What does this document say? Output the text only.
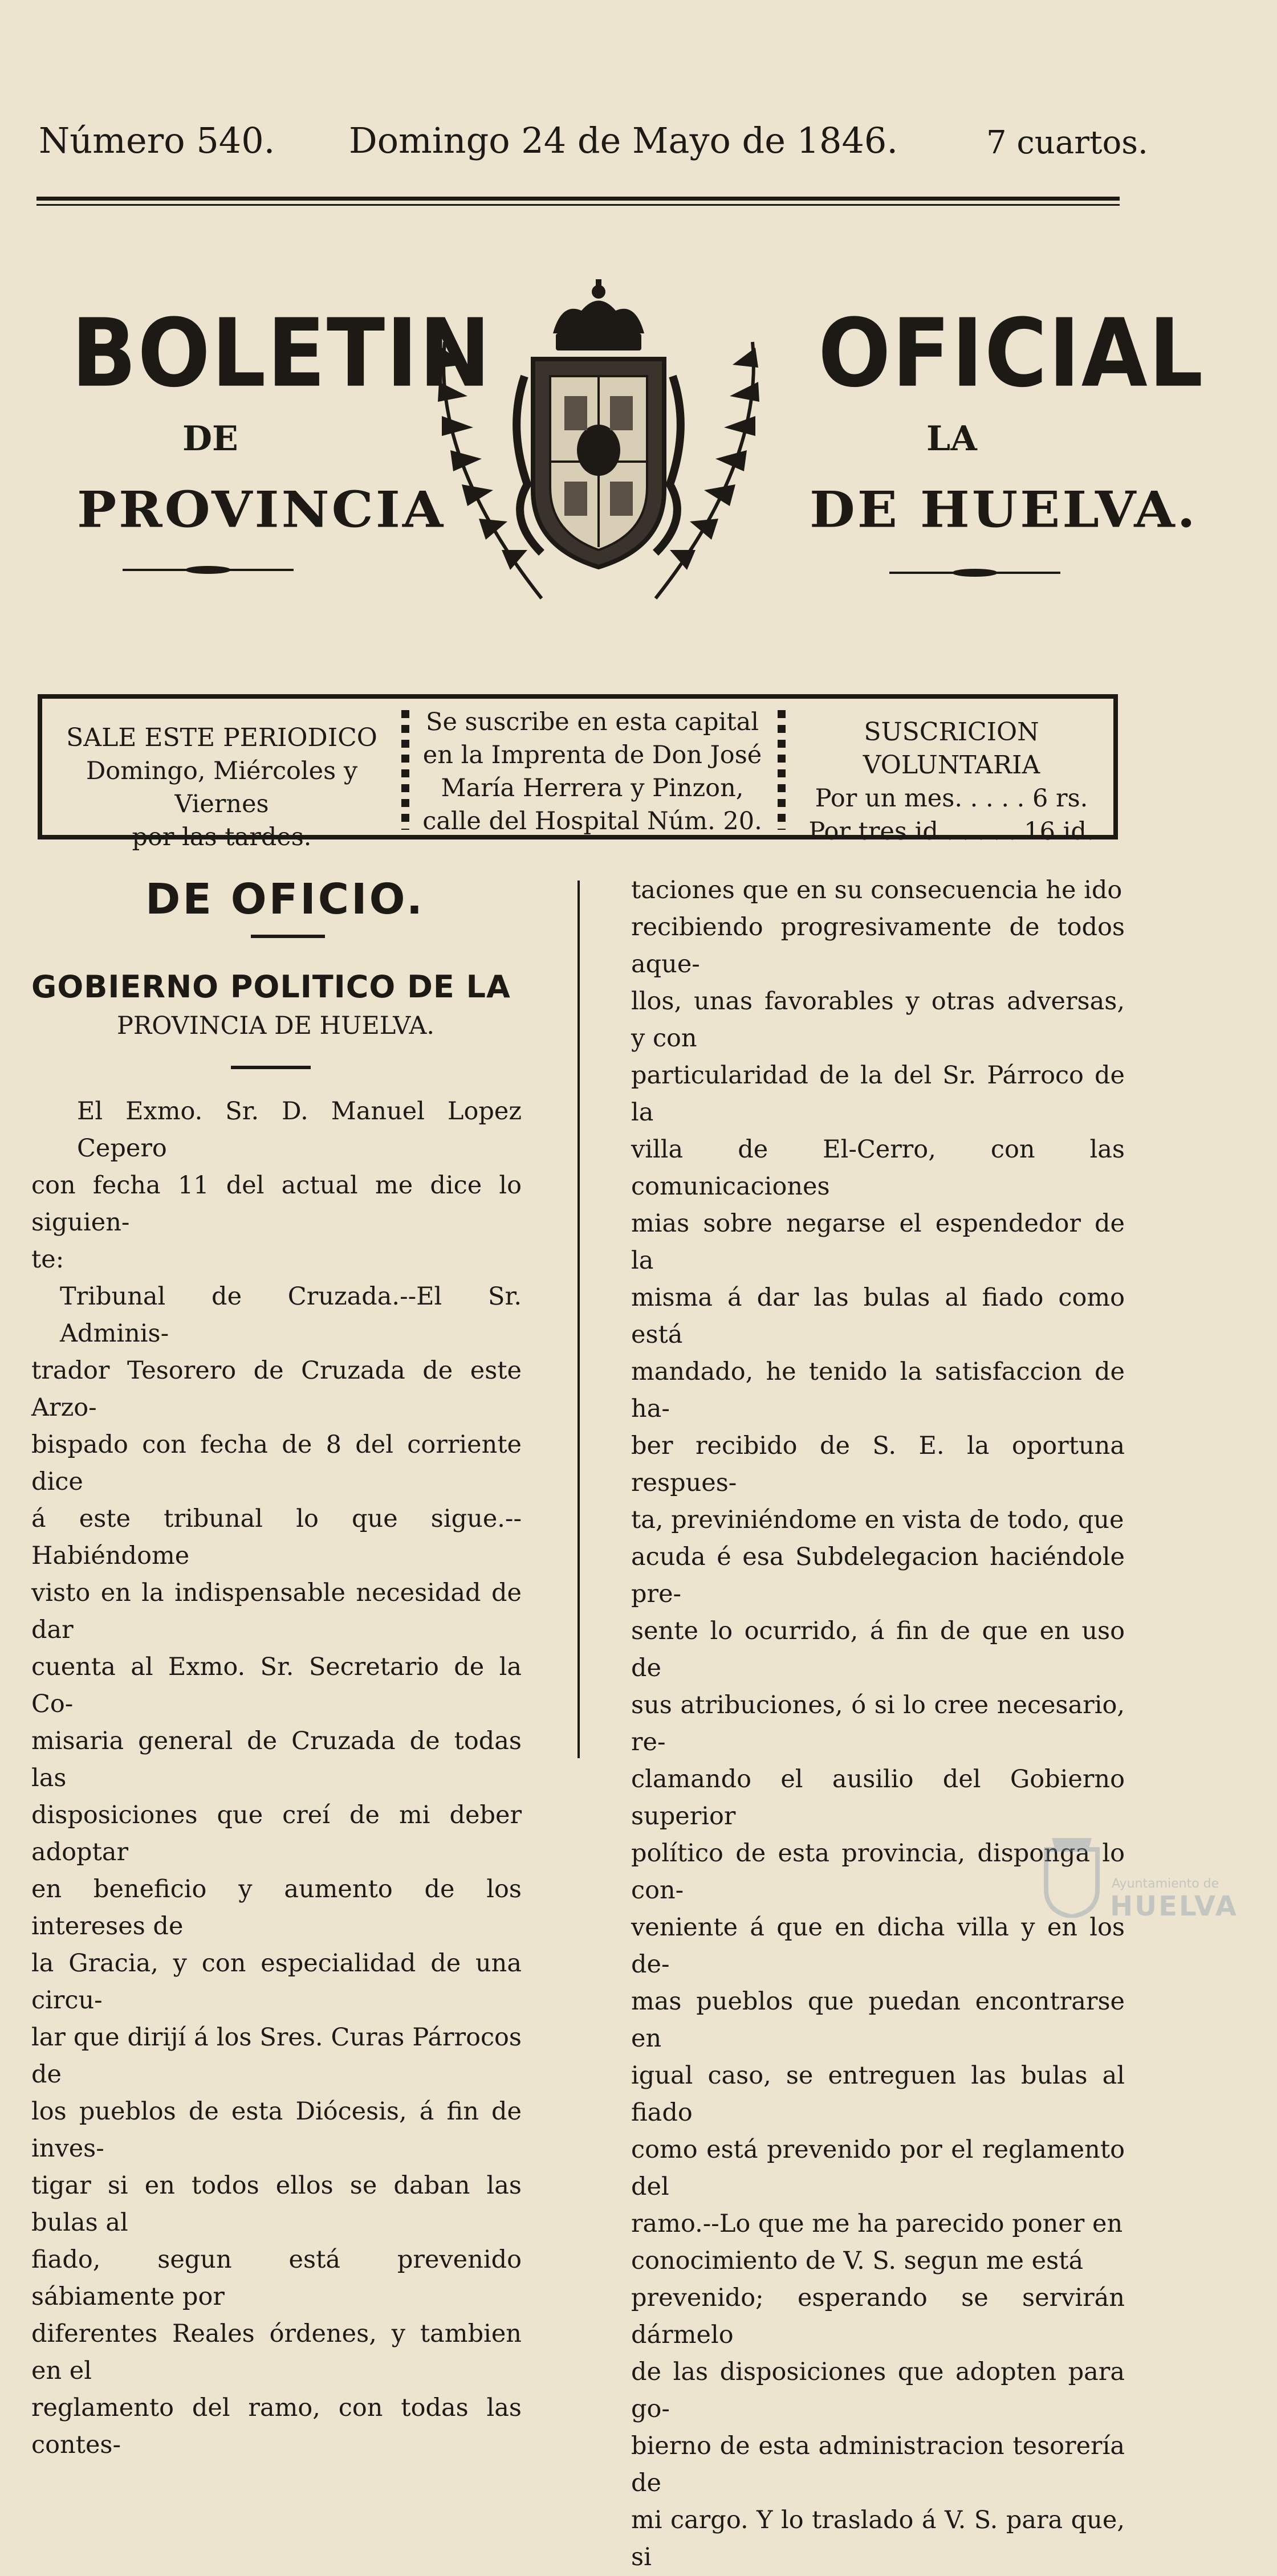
Número 540. Domingo 24 de Mayo de 1846.	7 cuartos.
BOLETIN	OFICIAL
DE	LA
PROVINCIA	DE HUELVA.
SALE ESTE PERIODICO
Domingo, Miércoles y Viernes
por las tardes.
Se suscribe en esta capital
en la Imprenta de Don José
María Herrera y Pinzon,
calle del Hospital Núm. 20.
SUSCRICION VOLUNTARIA
Por un mes. . . . . 6 rs.
Por tres id . . . . . 16 id.
DE OFICIO.
GOBIERNO POLITICO DE LA
PROVINCIA DE HUELVA.

El Exmo. Sr. D. Manuel Lopez Cepero

con fecha 11 del actual me dice lo siguien-

te:

Tribunal de Cruzada.--El Sr. Adminis-

trador Tesorero de Cruzada de este Arzo-

bispado con fecha de 8 del corriente dice

á este tribunal lo que sigue.--Habiéndome

visto en la indispensable necesidad de dar

cuenta al Exmo. Sr. Secretario de la Co-

misaria general de Cruzada de todas las

disposiciones que creí de mi deber adoptar

en beneficio y aumento de los intereses de

la Gracia, y con especialidad de una circu-

lar que dirijí á los Sres. Curas Párrocos de

los pueblos de esta Diócesis, á fin de inves-

tigar si en todos ellos se daban las bulas al

fiado, segun está prevenido sábiamente por

diferentes Reales órdenes, y tambien en el

reglamento del ramo, con todas las contes-

taciones que en su consecuencia he ido

recibiendo progresivamente de todos aque-

llos, unas favorables y otras adversas, y con

particularidad de la del Sr. Párroco de la

villa de El-Cerro, con las comunicaciones

mias sobre negarse el espendedor de la

misma á dar las bulas al fiado como está

mandado, he tenido la satisfaccion de ha-

ber recibido de S. E. la oportuna respues-

ta, previniéndome en vista de todo, que

acuda é esa Subdelegacion haciéndole pre-

sente lo ocurrido, á fin de que en uso de

sus atribuciones, ó si lo cree necesario, re-

clamando el ausilio del Gobierno superior

político de esta provincia, disponga lo con-

veniente á que en dicha villa y en los de-

mas pueblos que puedan encontrarse en

igual caso, se entreguen las bulas al fiado

como está prevenido por el reglamento del

ramo.--Lo que me ha parecido poner en

conocimiento de V. S. segun me está

prevenido; esperando se servirán dármelo

de las disposiciones que adopten para go-

bierno de esta administracion tesorería de

mi cargo. Y lo traslado á V. S. para que, si

Ayuntamiento de
HUELVA
